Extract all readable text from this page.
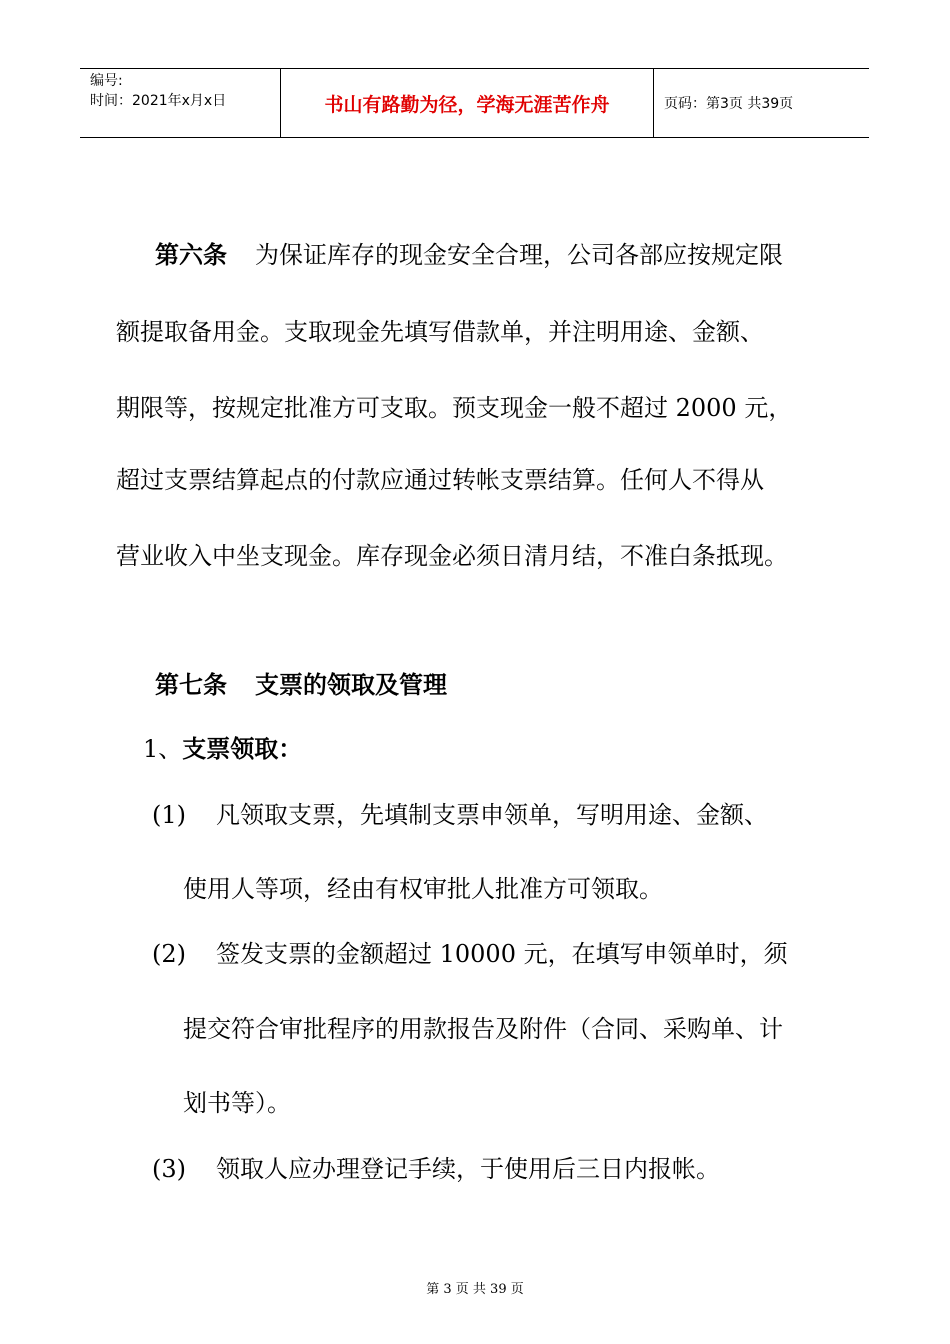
编号:
时间：2021年x月x日	书山有路勤为径，学海无涯苦作舟	页码：第3页 共39页
第六条 为保证库存的现金安全合理，公司各部应按规定限
额提取备用金。支取现金先填写借款单，并注明用途、金额、
期限等，按规定批准方可支取。预支现金一般不超过 2000 元，
超过支票结算起点的付款应通过转帐支票结算。任何人不得从
营业收入中坐支现金。库存现金必须日清月结，不准白条抵现。
第七条 支票的领取及管理
1、支票领取：
(1) 凡领取支票，先填制支票申领单，写明用途、金额、
使用人等项，经由有权审批人批准方可领取。
(2) 签发支票的金额超过 10000 元，在填写申领单时，须
提交符合审批程序的用款报告及附件（合同、采购单、计
划书等）。
(3) 领取人应办理登记手续，于使用后三日内报帐。
第 3 页 共 39 页
